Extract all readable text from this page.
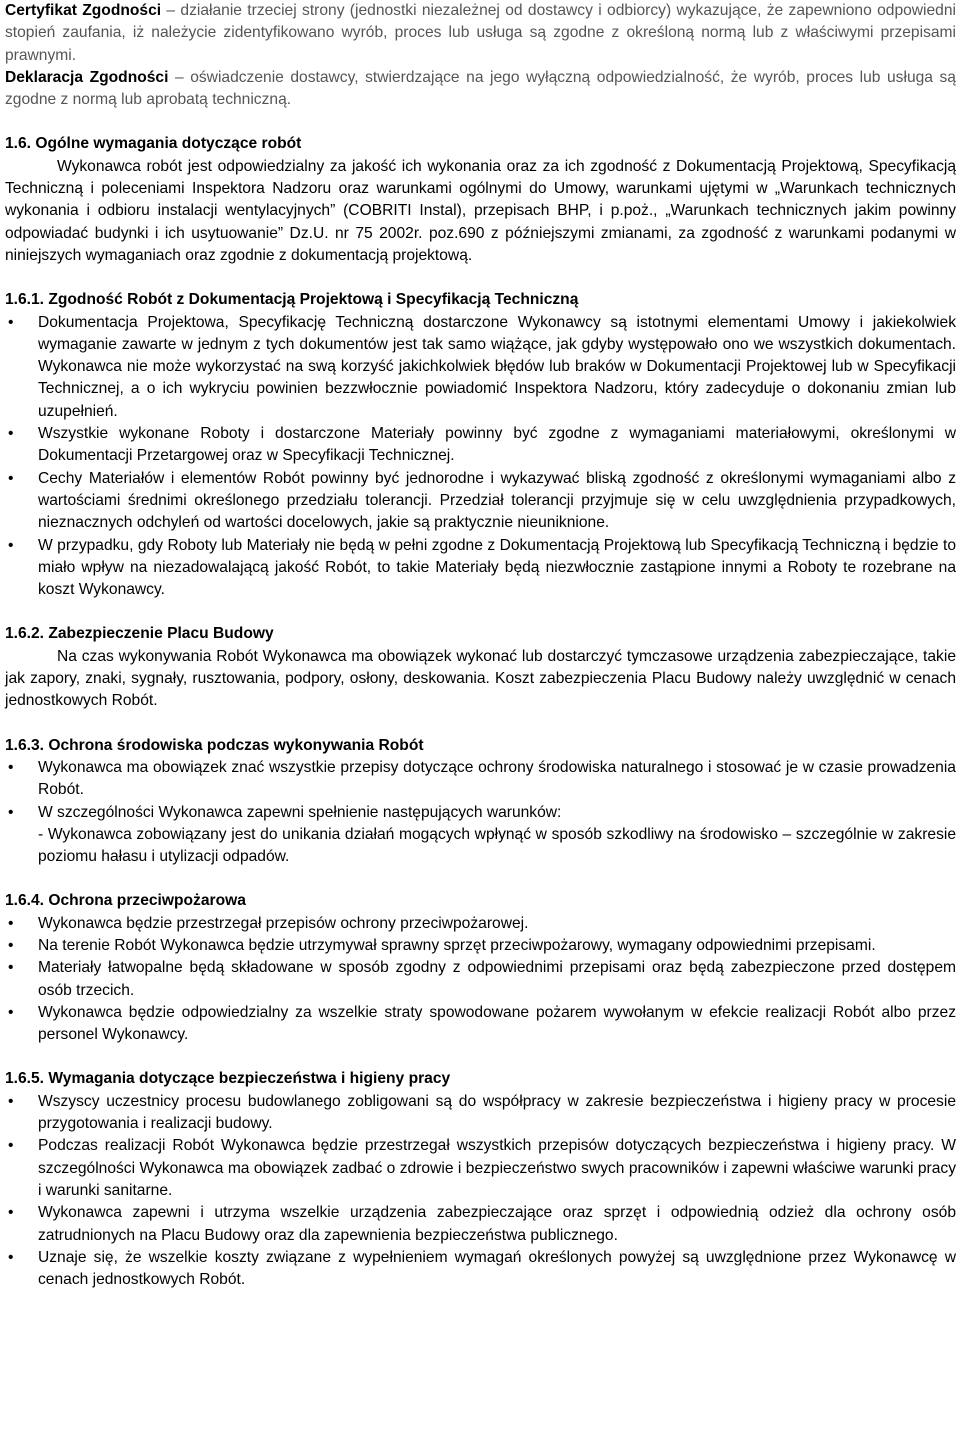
Certyfikat Zgodności – działanie trzeciej strony (jednostki niezależnej od dostawcy i odbiorcy) wykazujące, że zapewniono odpowiedni stopień zaufania, iż należycie zidentyfikowano wyrób, proces lub usługa są zgodne z określoną normą lub z właściwymi przepisami prawnymi.

Deklaracja Zgodności – oświadczenie dostawcy, stwierdzające na jego wyłączną odpowiedzialność, że wyrób, proces lub usługa są zgodne z normą lub aprobatą techniczną.

1.6. Ogólne wymagania dotyczące robót

Wykonawca robót jest odpowiedzialny za jakość ich wykonania oraz za ich zgodność z Dokumentacją Projektową, Specyfikacją Techniczną i poleceniami Inspektora Nadzoru oraz warunkami ogólnymi do Umowy, warunkami ujętymi w „Warunkach technicznych wykonania i odbioru instalacji wentylacyjnych” (COBRITI Instal), przepisach BHP, i p.poż., „Warunkach technicznych jakim powinny odpowiadać budynki i ich usytuowanie” Dz.U. nr 75 2002r. poz.690 z późniejszymi zmianami, za zgodność z warunkami podanymi w niniejszych wymaganiach oraz zgodnie z dokumentacją projektową.

1.6.1. Zgodność Robót z Dokumentacją Projektową i Specyfikacją Techniczną

• Dokumentacja Projektowa, Specyfikację Techniczną dostarczone Wykonawcy są istotnymi elementami Umowy i jakiekolwiek wymaganie zawarte w jednym z tych dokumentów jest tak samo wiążące, jak gdyby występowało ono we wszystkich dokumentach. Wykonawca nie może wykorzystać na swą korzyść jakichkolwiek błędów lub braków w Dokumentacji Projektowej lub w Specyfikacji Technicznej, a o ich wykryciu powinien bezzwłocznie powiadomić Inspektora Nadzoru, który zadecyduje o dokonaniu zmian lub uzupełnień.
• Wszystkie wykonane Roboty i dostarczone Materiały powinny być zgodne z wymaganiami materiałowymi, określonymi w Dokumentacji Przetargowej oraz w Specyfikacji Technicznej.
• Cechy Materiałów i elementów Robót powinny być jednorodne i wykazywać bliską zgodność z określonymi wymaganiami albo z wartościami średnimi określonego przedziału tolerancji. Przedział tolerancji przyjmuje się w celu uwzględnienia przypadkowych, nieznacznych odchyleń od wartości docelowych, jakie są praktycznie nieuniknione.
• W przypadku, gdy Roboty lub Materiały nie będą w pełni zgodne z Dokumentacją Projektową lub Specyfikacją Techniczną i będzie to miało wpływ na niezadowalającą jakość Robót, to takie Materiały będą niezwłocznie zastąpione innymi a Roboty te rozebrane na koszt Wykonawcy.

1.6.2. Zabezpieczenie Placu Budowy

Na czas wykonywania Robót Wykonawca ma obowiązek wykonać lub dostarczyć tymczasowe urządzenia zabezpieczające, takie jak zapory, znaki, sygnały, rusztowania, podpory, osłony, deskowania. Koszt zabezpieczenia Placu Budowy należy uwzględnić w cenach jednostkowych Robót.

1.6.3. Ochrona środowiska podczas wykonywania Robót

• Wykonawca ma obowiązek znać wszystkie przepisy dotyczące ochrony środowiska naturalnego i stosować je w czasie prowadzenia Robót.
• W szczególności Wykonawca zapewni spełnienie następujących warunków:

- Wykonawca zobowiązany jest do unikania działań mogących wpłynąć w sposób szkodliwy na środowisko – szczególnie w zakresie poziomu hałasu i utylizacji odpadów.

1.6.4. Ochrona przeciwpożarowa

• Wykonawca będzie przestrzegał przepisów ochrony przeciwpożarowej.
• Na terenie Robót Wykonawca będzie utrzymywał sprawny sprzęt przeciwpożarowy, wymagany odpowiednimi przepisami.
• Materiały łatwopalne będą składowane w sposób zgodny z odpowiednimi przepisami oraz będą zabezpieczone przed dostępem osób trzecich.
• Wykonawca będzie odpowiedzialny za wszelkie straty spowodowane pożarem wywołanym w efekcie realizacji Robót albo przez personel Wykonawcy.

1.6.5. Wymagania dotyczące bezpieczeństwa i higieny pracy

• Wszyscy uczestnicy procesu budowlanego zobligowani są do współpracy w zakresie bezpieczeństwa i higieny pracy w procesie przygotowania i realizacji budowy.
• Podczas realizacji Robót Wykonawca będzie przestrzegał wszystkich przepisów dotyczących bezpieczeństwa i higieny pracy. W szczególności Wykonawca ma obowiązek zadbać o zdrowie i bezpieczeństwo swych pracowników i zapewni właściwe warunki pracy i warunki sanitarne.
• Wykonawca zapewni i utrzyma wszelkie urządzenia zabezpieczające oraz sprzęt i odpowiednią odzież dla ochrony osób zatrudnionych na Placu Budowy oraz dla zapewnienia bezpieczeństwa publicznego.
• Uznaje się, że wszelkie koszty związane z wypełnieniem wymagań określonych powyżej są uwzględnione przez Wykonawcę w cenach jednostkowych Robót.
